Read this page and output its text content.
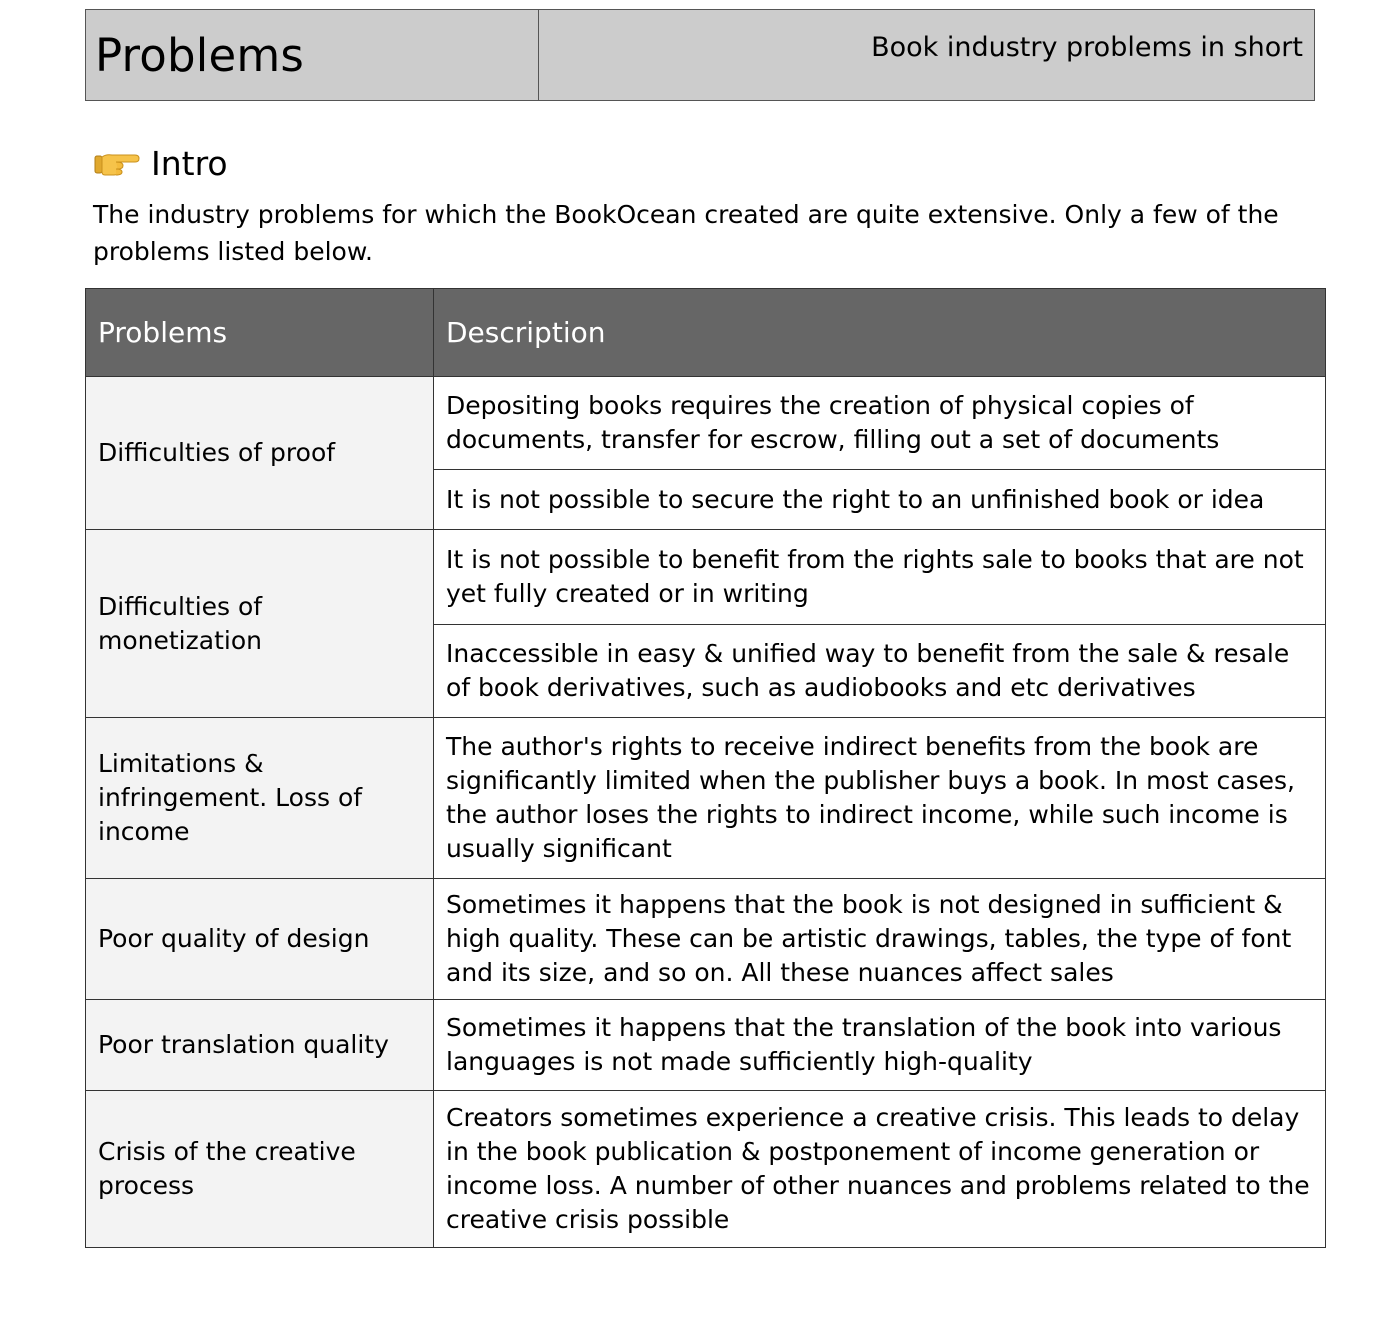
Problems	Book industry problems in short
Intro
The industry problems for which the BookOcean created are quite extensive. Only a few of the problems listed below.
Problems	Description
Difficulties of proof	Depositing books requires the creation of physical copies of documents, transfer for escrow, filling out a set of documents
	It is not possible to secure the right to an unfinished book or idea
Difficulties of monetization	It is not possible to benefit from the rights sale to books that are not yet fully created or in writing
	Inaccessible in easy & unified way to benefit from the sale & resale of book derivatives, such as audiobooks and etc derivatives
Limitations & infringement. Loss of income	The author's rights to receive indirect benefits from the book are significantly limited when the publisher buys a book. In most cases, the author loses the rights to indirect income, while such income is usually significant
Poor quality of design	Sometimes it happens that the book is not designed in sufficient & high quality. These can be artistic drawings, tables, the type of font and its size, and so on. All these nuances affect sales
Poor translation quality	Sometimes it happens that the translation of the book into various languages is not made sufficiently high-quality
Crisis of the creative process	Creators sometimes experience a creative crisis. This leads to delay in the book publication & postponement of income generation or income loss. A number of other nuances and problems related to the creative crisis possible
